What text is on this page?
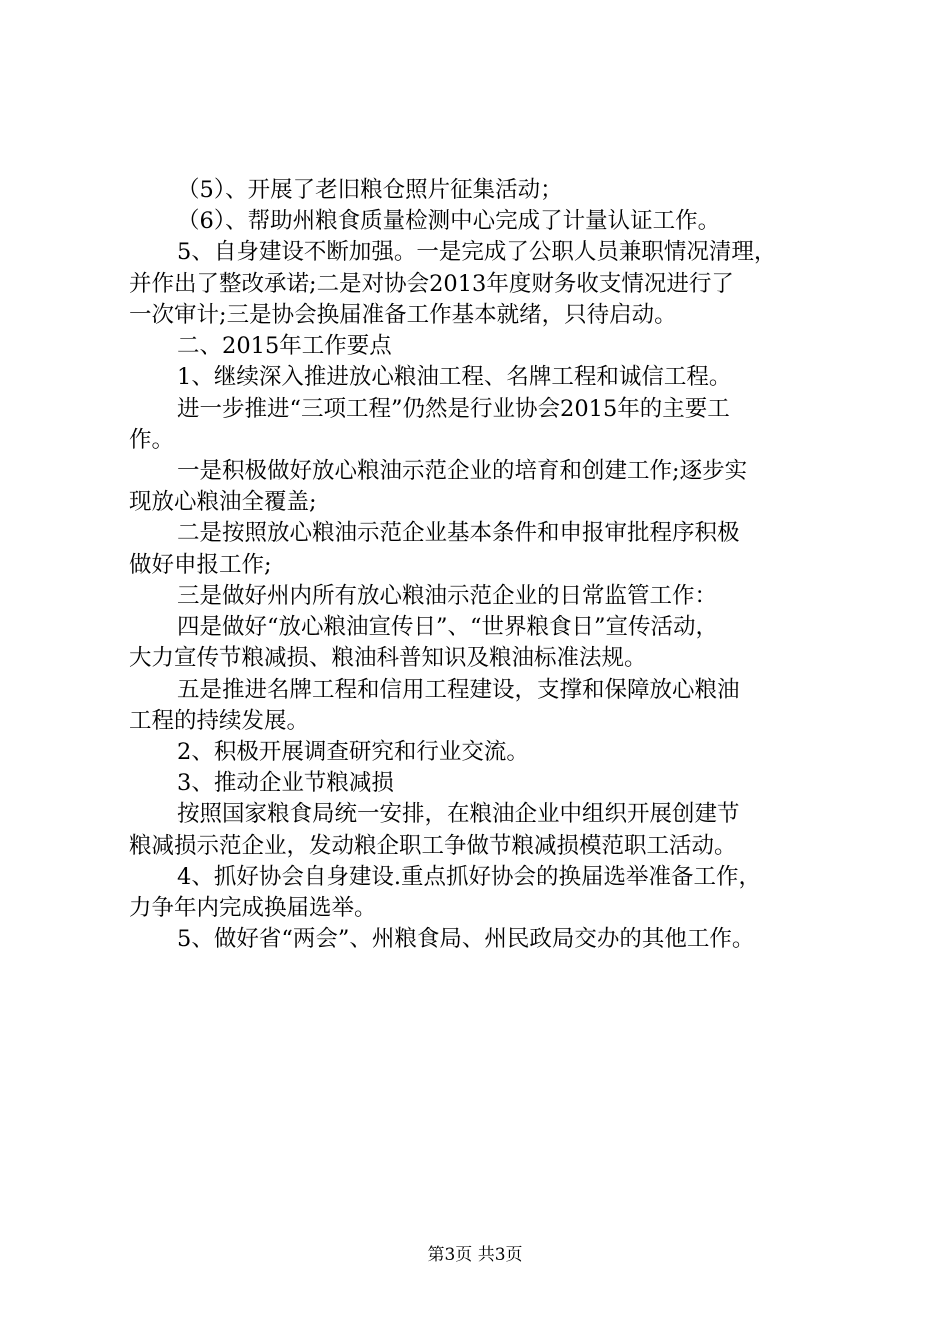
（5）、开展了老旧粮仓照片征集活动；
（6）、帮助州粮食质量检测中心完成了计量认证工作。
5、自身建设不断加强。一是完成了公职人员兼职情况清理，
并作出了整改承诺;二是对协会2013年度财务收支情况进行了
一次审计;三是协会换届准备工作基本就绪，只待启动。
二、2015年工作要点
1、继续深入推进放心粮油工程、名牌工程和诚信工程。
进一步推进“三项工程”仍然是行业协会2015年的主要工
作。
一是积极做好放心粮油示范企业的培育和创建工作;逐步实
现放心粮油全覆盖;
二是按照放心粮油示范企业基本条件和申报审批程序积极
做好申报工作;
三是做好州内所有放心粮油示范企业的日常监管工作：
四是做好“放心粮油宣传日”、“世界粮食日”宣传活动，
大力宣传节粮减损、粮油科普知识及粮油标准法规。
五是推进名牌工程和信用工程建设，支撑和保障放心粮油
工程的持续发展。
2、积极开展调查研究和行业交流。
3、推动企业节粮减损
按照国家粮食局统一安排，在粮油企业中组织开展创建节
粮减损示范企业，发动粮企职工争做节粮减损模范职工活动。
4、抓好协会自身建设.重点抓好协会的换届选举准备工作，
力争年内完成换届选举。
5、做好省“两会”、州粮食局、州民政局交办的其他工作。
第3页 共3页
